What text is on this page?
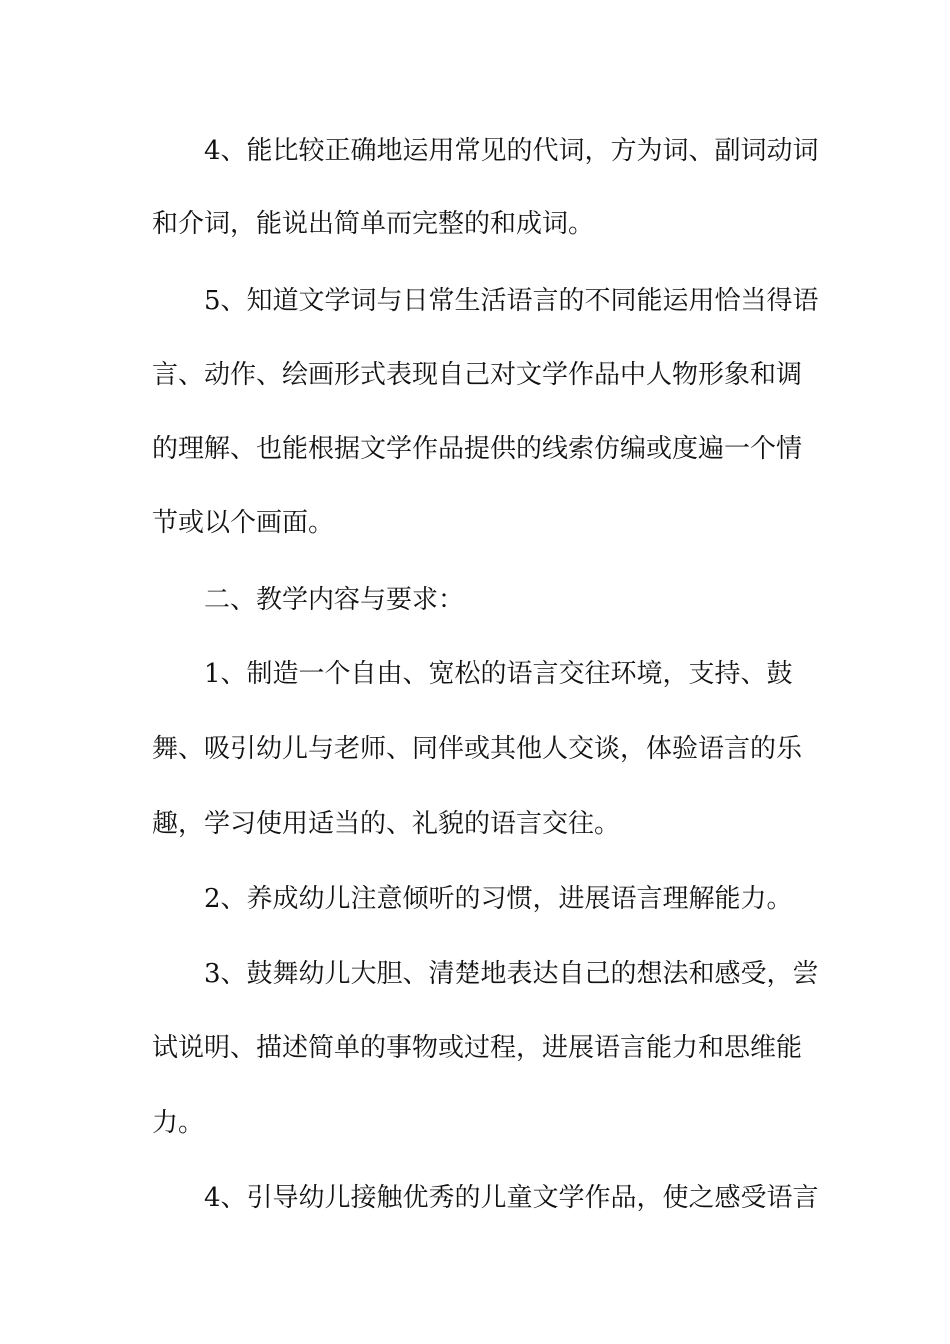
4、能比较正确地运用常见的代词，方为词、副词动词
和介词，能说出简单而完整的和成词。
5、知道文学词与日常生活语言的不同能运用恰当得语
言、动作、绘画形式表现自己对文学作品中人物形象和调
的理解、也能根据文学作品提供的线索仿编或度遍一个情
节或以个画面。
二、教学内容与要求：
1、制造一个自由、宽松的语言交往环境，支持、鼓
舞、吸引幼儿与老师、同伴或其他人交谈，体验语言的乐
趣，学习使用适当的、礼貌的语言交往。
2、养成幼儿注意倾听的习惯，进展语言理解能力。
3、鼓舞幼儿大胆、清楚地表达自己的想法和感受，尝
试说明、描述简单的事物或过程，进展语言能力和思维能
力。
4、引导幼儿接触优秀的儿童文学作品，使之感受语言
